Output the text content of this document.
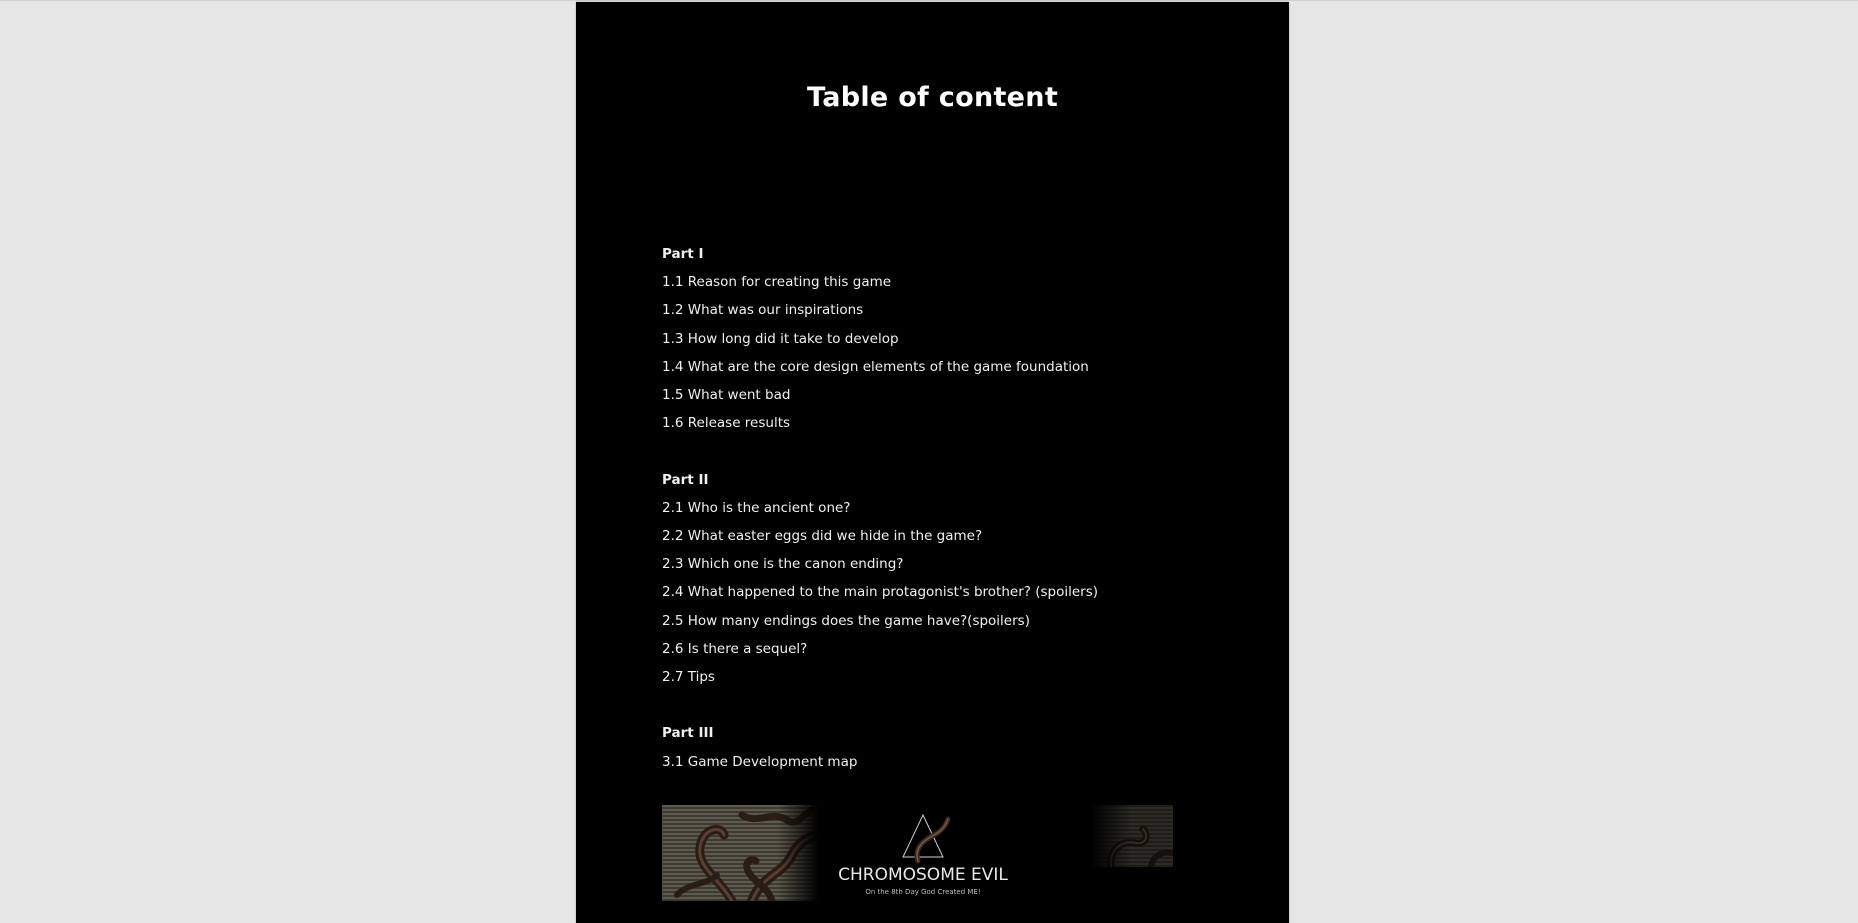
Table of content
Part I
1.1 Reason for creating this game
1.2 What was our inspirations
1.3 How long did it take to develop
1.4 What are the core design elements of the game foundation
1.5 What went bad
1.6 Release results
Part II
2.1 Who is the ancient one?
2.2 What easter eggs did we hide in the game?
2.3 Which one is the canon ending?
2.4 What happened to the main protagonist's brother? (spoilers)
2.5 How many endings does the game have?(spoilers)
2.6 Is there a sequel?
2.7 Tips
Part III
3.1 Game Development map
CHROMOSOME EVIL
On the 8th Day God Created ME!
